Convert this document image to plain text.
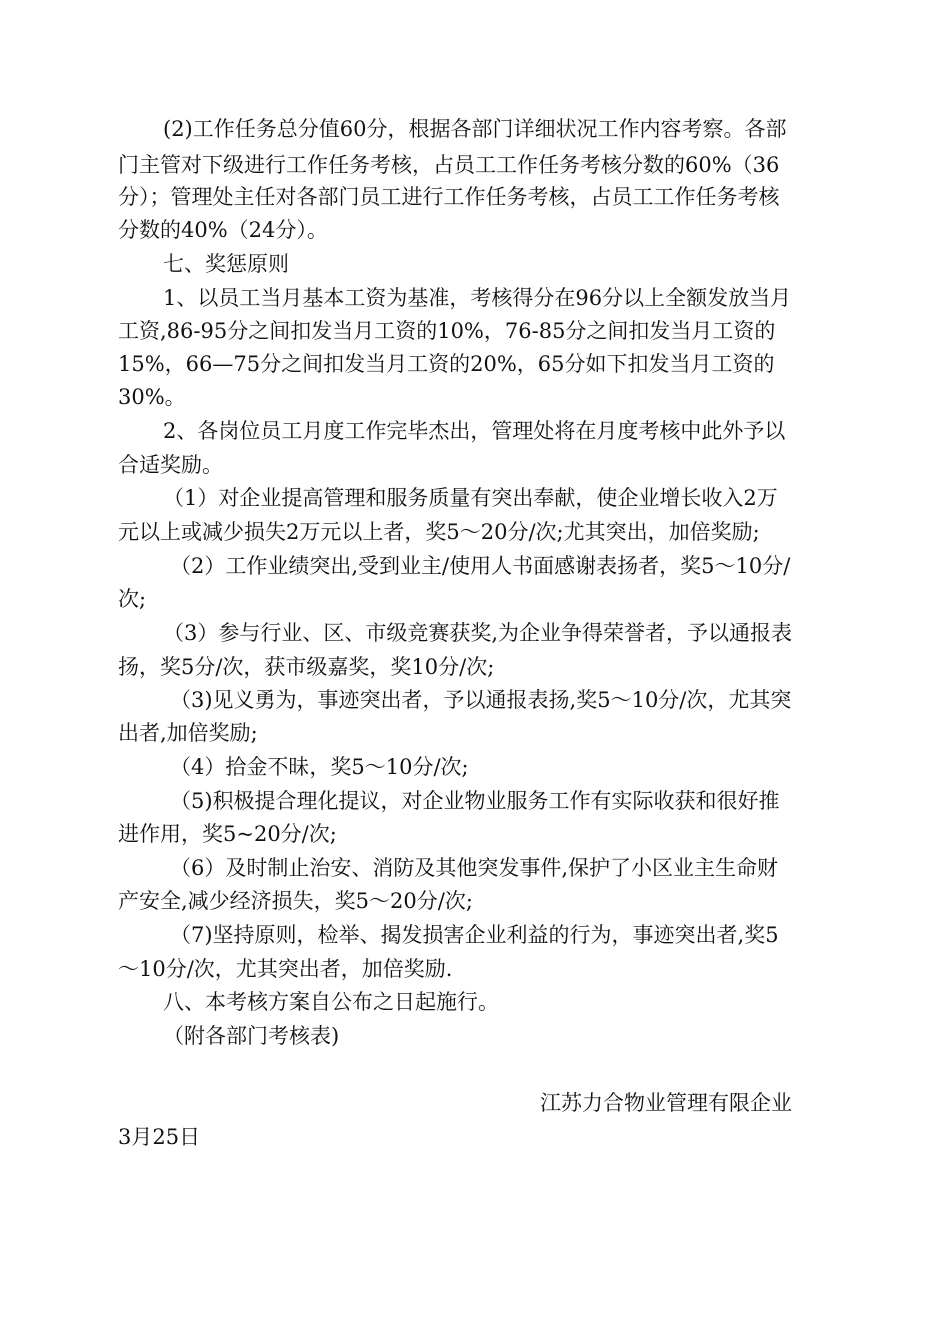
(2)工作任务总分值60分，根据各部门详细状况工作内容考察。各部
门主管对下级进行工作任务考核，占员工工作任务考核分数的60%（36
分）；管理处主任对各部门员工进行工作任务考核，占员工工作任务考核
分数的40%（24分）。
七、奖惩原则
1、以员工当月基本工资为基准，考核得分在96分以上全额发放当月
工资,86-95分之间扣发当月工资的10%，76-85分之间扣发当月工资的
15%，66—75分之间扣发当月工资的20%，65分如下扣发当月工资的
30%。
2、各岗位员工月度工作完毕杰出，管理处将在月度考核中此外予以
合适奖励。
（1）对企业提高管理和服务质量有突出奉献，使企业增长收入2万
元以上或减少损失2万元以上者，奖5～20分/次;尤其突出，加倍奖励;
（2）工作业绩突出,受到业主/使用人书面感谢表扬者，奖5～10分/
次;
（3）参与行业、区、市级竞赛获奖,为企业争得荣誉者，予以通报表
扬，奖5分/次，获市级嘉奖，奖10分/次;
（3)见义勇为，事迹突出者，予以通报表扬,奖5～10分/次，尤其突
出者,加倍奖励;
（4）拾金不昧，奖5～10分/次;
（5)积极提合理化提议，对企业物业服务工作有实际收获和很好推
进作用，奖5~20分/次;
（6）及时制止治安、消防及其他突发事件,保护了小区业主生命财
产安全,减少经济损失，奖5～20分/次;
（7)坚持原则，检举、揭发损害企业利益的行为，事迹突出者,奖5
～10分/次，尤其突出者，加倍奖励.
八、本考核方案自公布之日起施行。
（附各部门考核表)
江苏力合物业管理有限企业
3月25日
